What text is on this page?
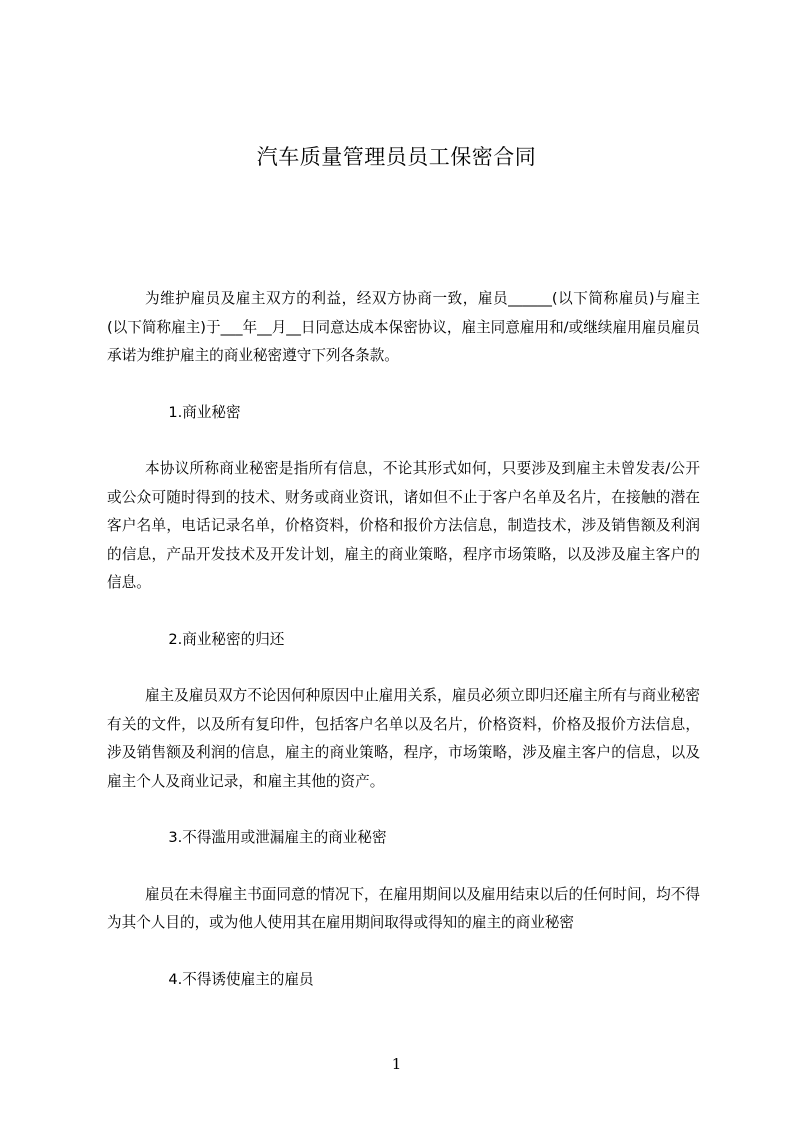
汽车质量管理员员工保密合同

为维护雇员及雇主双方的利益，经双方协商一致，雇员______(以下简称雇员)与雇主(以下简称雇主)于___年__月__日同意达成本保密协议，雇主同意雇用和/或继续雇用雇员雇员承诺为维护雇主的商业秘密遵守下列各条款。

1.商业秘密

本协议所称商业秘密是指所有信息，不论其形式如何，只要涉及到雇主未曾发表/公开或公众可随时得到的技术、财务或商业资讯，诸如但不止于客户名单及名片，在接触的潜在客户名单，电话记录名单，价格资料，价格和报价方法信息，制造技术，涉及销售额及利润的信息，产品开发技术及开发计划，雇主的商业策略，程序市场策略，以及涉及雇主客户的信息。

2.商业秘密的归还

雇主及雇员双方不论因何种原因中止雇用关系，雇员必须立即归还雇主所有与商业秘密有关的文件，以及所有复印件，包括客户名单以及名片，价格资料，价格及报价方法信息，涉及销售额及利润的信息，雇主的商业策略，程序，市场策略，涉及雇主客户的信息，以及雇主个人及商业记录，和雇主其他的资产。

3.不得滥用或泄漏雇主的商业秘密

雇员在未得雇主书面同意的情况下，在雇用期间以及雇用结束以后的任何时间，均不得为其个人目的，或为他人使用其在雇用期间取得或得知的雇主的商业秘密

4.不得诱使雇主的雇员

1
